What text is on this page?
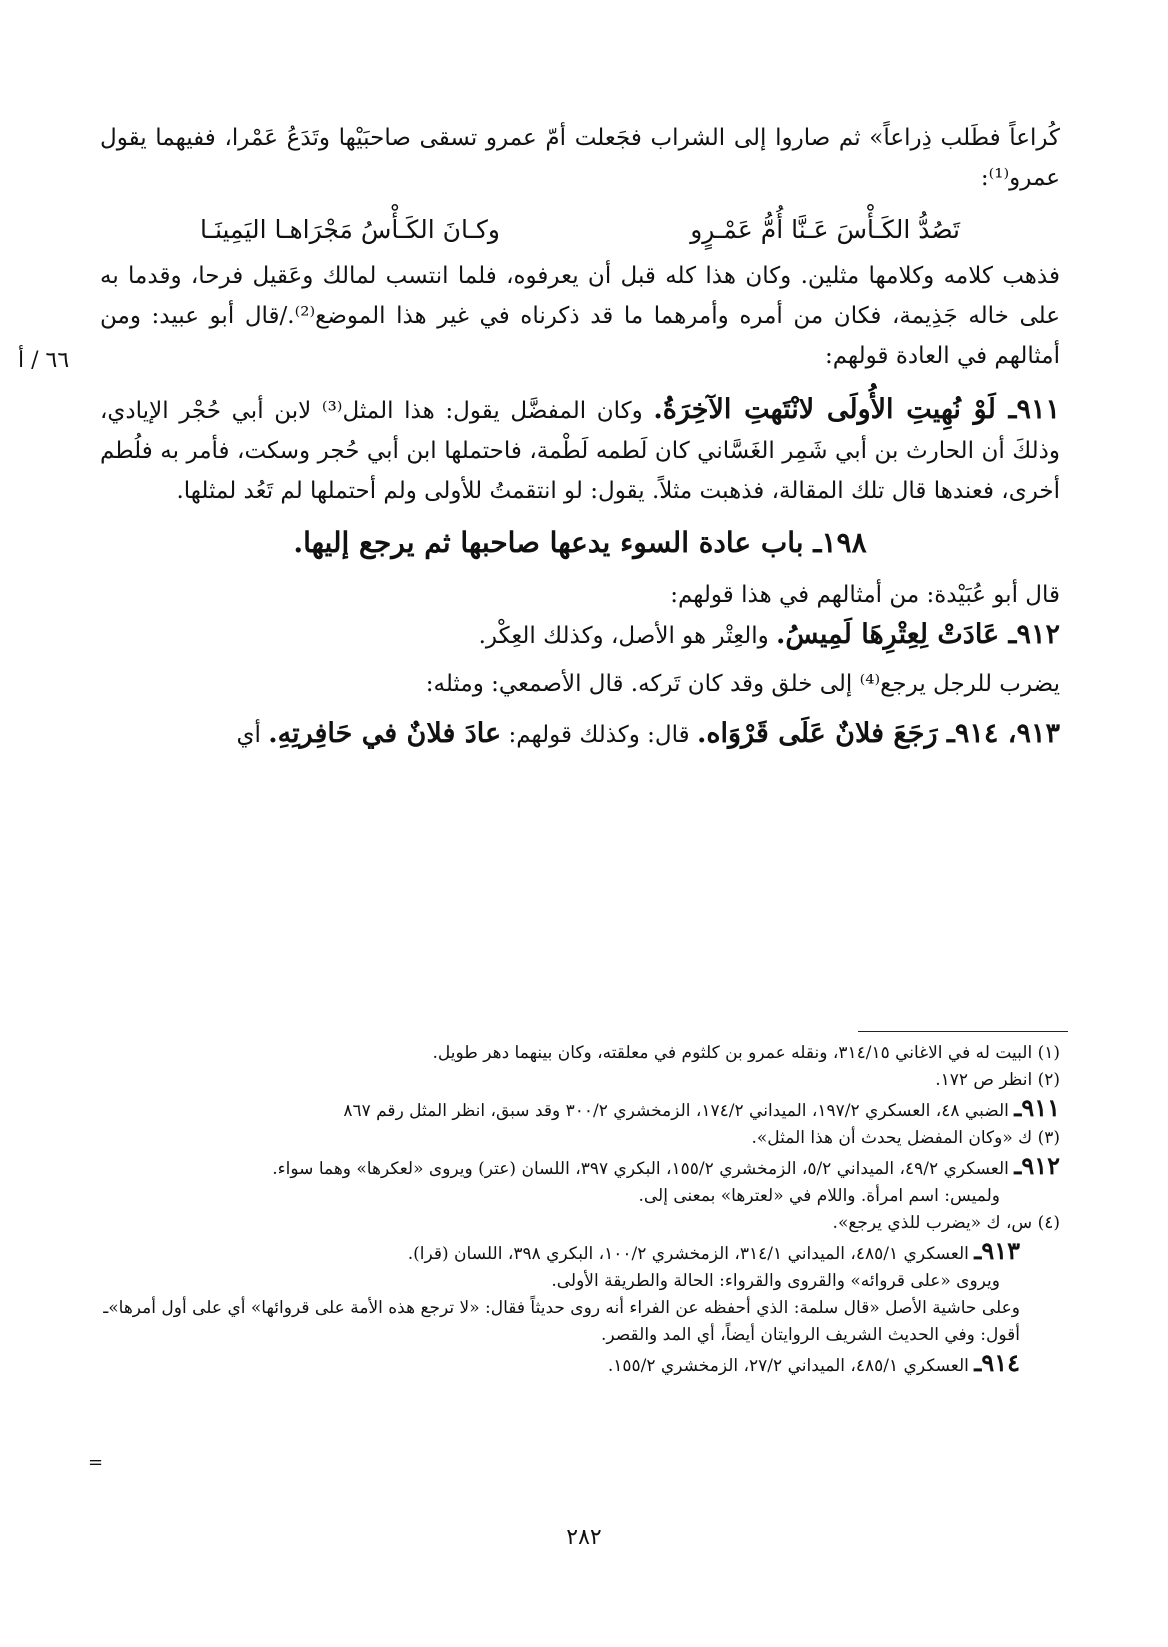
كُراعاً فطَلب ذِراعاً» ثم صاروا إلى الشراب فجَعلت أمّ عمرو تسقى صاحبَيْها وتَدَعُ عَمْرا، ففيهما يقول عمرو⁽¹⁾:

تَصُدُّ الكَـأْسَ عَـنَّا أُمُّ عَمْـرٍو
وكـانَ الكَـأْسُ مَجْرَاهـا اليَمِينَـا

فذهب كلامه وكلامها مثلين. وكان هذا كله قبل أن يعرفوه، فلما انتسب لمالك وعَقيل فرحا، وقدما به على خاله جَذِيمة، فكان من أمره وأمرهما ما قد ذكرناه في غير هذا الموضع⁽²⁾./قال أبو عبيد: ومن أمثالهم في العادة قولهم:

٩١١ـ لَوْ نُهِيتِ الأُولَى لانْتَهتِ الآخِرَةُ. وكان المفضَّل يقول: هذا المثل⁽³⁾ لابن أبي حُجْر الإيادي، وذلكَ أن الحارث بن أبي شَمِر الغَسَّاني كان لَطمه لَطْمة، فاحتملها ابن أبي حُجر وسكت، فأمر به فلُطم أخرى، فعندها قال تلك المقالة، فذهبت مثلاً. يقول: لو انتقمتُ للأولى ولم أحتملها لم تَعُد لمثلها.

١٩٨ـ باب عادة السوء يدعها صاحبها ثم يرجع إليها.

قال أبو عُبَيْدة: من أمثالهم في هذا قولهم:

٩١٢ـ عَادَتْ لِعِتْرِهَا لَمِيسُ. والعِتْر هو الأصل، وكذلك العِكْر.

يضرب للرجل يرجع⁽⁴⁾ إلى خلق وقد كان تَركه. قال الأصمعي: ومثله:

٩١٣، ٩١٤ـ رَجَعَ فلانٌ عَلَى قَرْوَاه. قال: وكذلك قولهم: عادَ فلانٌ في حَافِرتِهِ. أي

٦٦ / أ

(١) البيت له في الاغاني ٣١٤/١٥، ونقله عمرو بن كلثوم في معلقته، وكان بينهما دهر طويل.

(٢) انظر ص ١٧٢.

٩١١ـ الضبي ٤٨، العسكري ١٩٧/٢، الميداني ١٧٤/٢، الزمخشري ٣٠٠/٢ وقد سبق، انظر المثل رقم ٨٦٧

(٣) ك «وكان المفضل يحدث أن هذا المثل».

٩١٢ـ العسكري ٤٩/٢، الميداني ٥/٢، الزمخشري ١٥٥/٢، البكري ٣٩٧، اللسان (عتر) ويروى «لعكرها» وهما سواء.

ولميس: اسم امرأة. واللام في «لعترها» بمعنى إلى.

(٤) س، ك «يضرب للذي يرجع».

٩١٣ـ العسكري ٤٨٥/١، الميداني ٣١٤/١، الزمخشري ١٠٠/٢، البكري ٣٩٨، اللسان (قرا).

ويروى «على قروائه» والقروى والقرواء: الحالة والطريقة الأولى.

وعلى حاشية الأصل «قال سلمة: الذي أحفظه عن الفراء أنه روى حديثاً فقال: «لا ترجع هذه الأمة على قروائها» أي على أول أمرها»ـ أقول: وفي الحديث الشريف الروايتان أيضاً، أي المد والقصر.

٩١٤ـ العسكري ٤٨٥/١، الميداني ٢٧/٢، الزمخشري ١٥٥/٢.

=
٢٨٢
